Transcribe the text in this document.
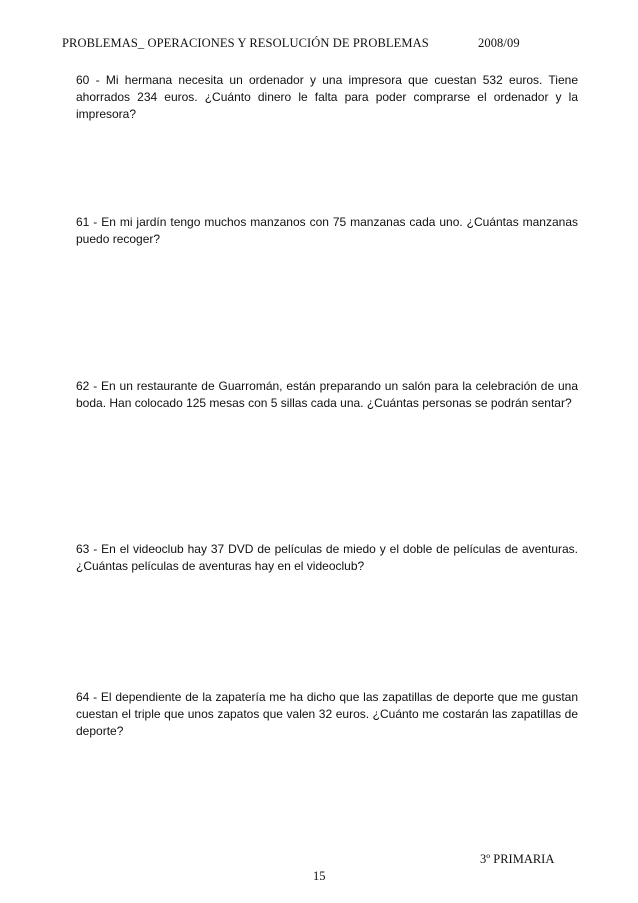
PROBLEMAS_ OPERACIONES Y RESOLUCIÓN DE PROBLEMAS	2008/09
60 - Mi hermana necesita un ordenador y una impresora que cuestan 532 euros. Tiene ahorrados 234 euros. ¿Cuánto dinero le falta para poder comprarse el ordenador y la impresora?
61 - En mi jardín tengo muchos manzanos con 75 manzanas cada uno. ¿Cuántas manzanas puedo recoger?
62 - En un restaurante de Guarromán, están preparando un salón para la celebración de una boda. Han colocado 125 mesas con 5 sillas cada una. ¿Cuántas personas se podrán sentar?
63 - En el videoclub hay 37 DVD de películas de miedo y el doble de películas de aventuras. ¿Cuántas películas de aventuras hay en el videoclub?
64 - El dependiente de la zapatería me ha dicho que las zapatillas de deporte que me gustan cuestan el triple que unos zapatos que valen 32 euros. ¿Cuánto me costarán las zapatillas de deporte?
3º PRIMARIA
15
